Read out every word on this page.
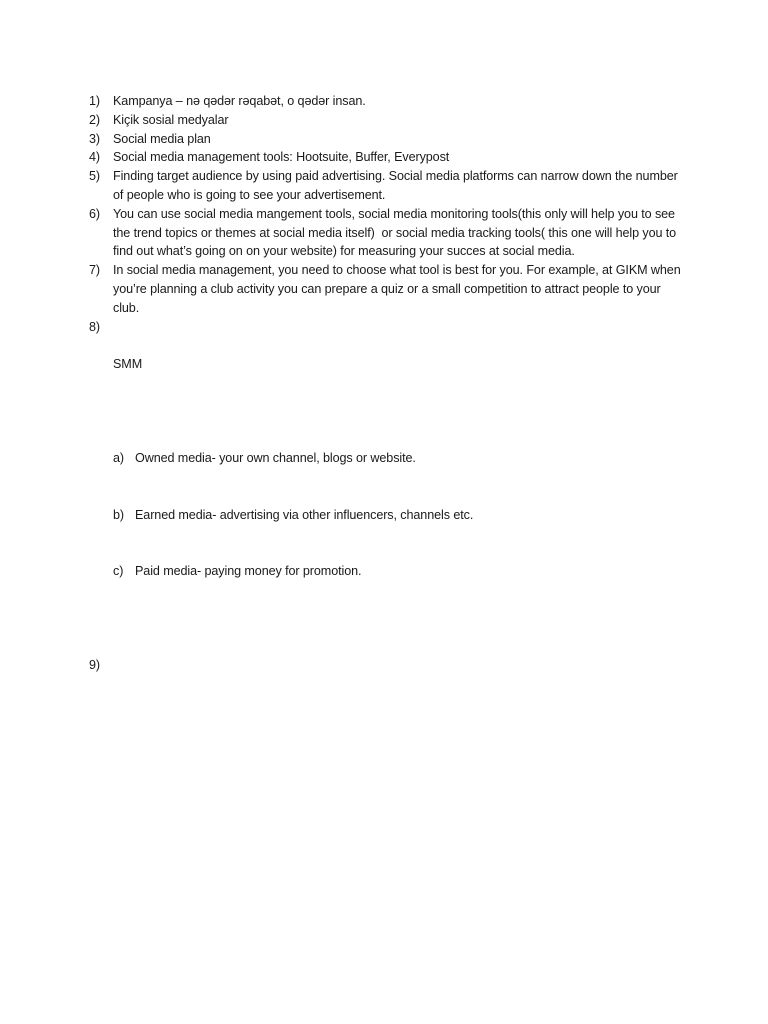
1)	Kampanya – nə qədər rəqabət, o qədər insan.
2)	Kiçik sosial medyalar
3)	Social media plan
4)	Social media management tools: Hootsuite, Buffer, Everypost
5)	Finding target audience by using paid advertising. Social media platforms can narrow down the number of people who is going to see your advertisement.
6)	You can use social media mangement tools, social media monitoring tools(this only will help you to see the trend topics or themes at social media itself)  or social media tracking tools( this one will help you to find out what’s going on on your website) for measuring your succes at social media.
7)	In social media management, you need to choose what tool is best for you. For example, at GIKM when you’re planning a club activity you can prepare a quiz or a small competition to attract people to your club.
8)

SMM

a) Owned media- your own channel, blogs or website.

b) Earned media- advertising via other influencers, channels etc.

c) Paid media- paying money for promotion.

9)
